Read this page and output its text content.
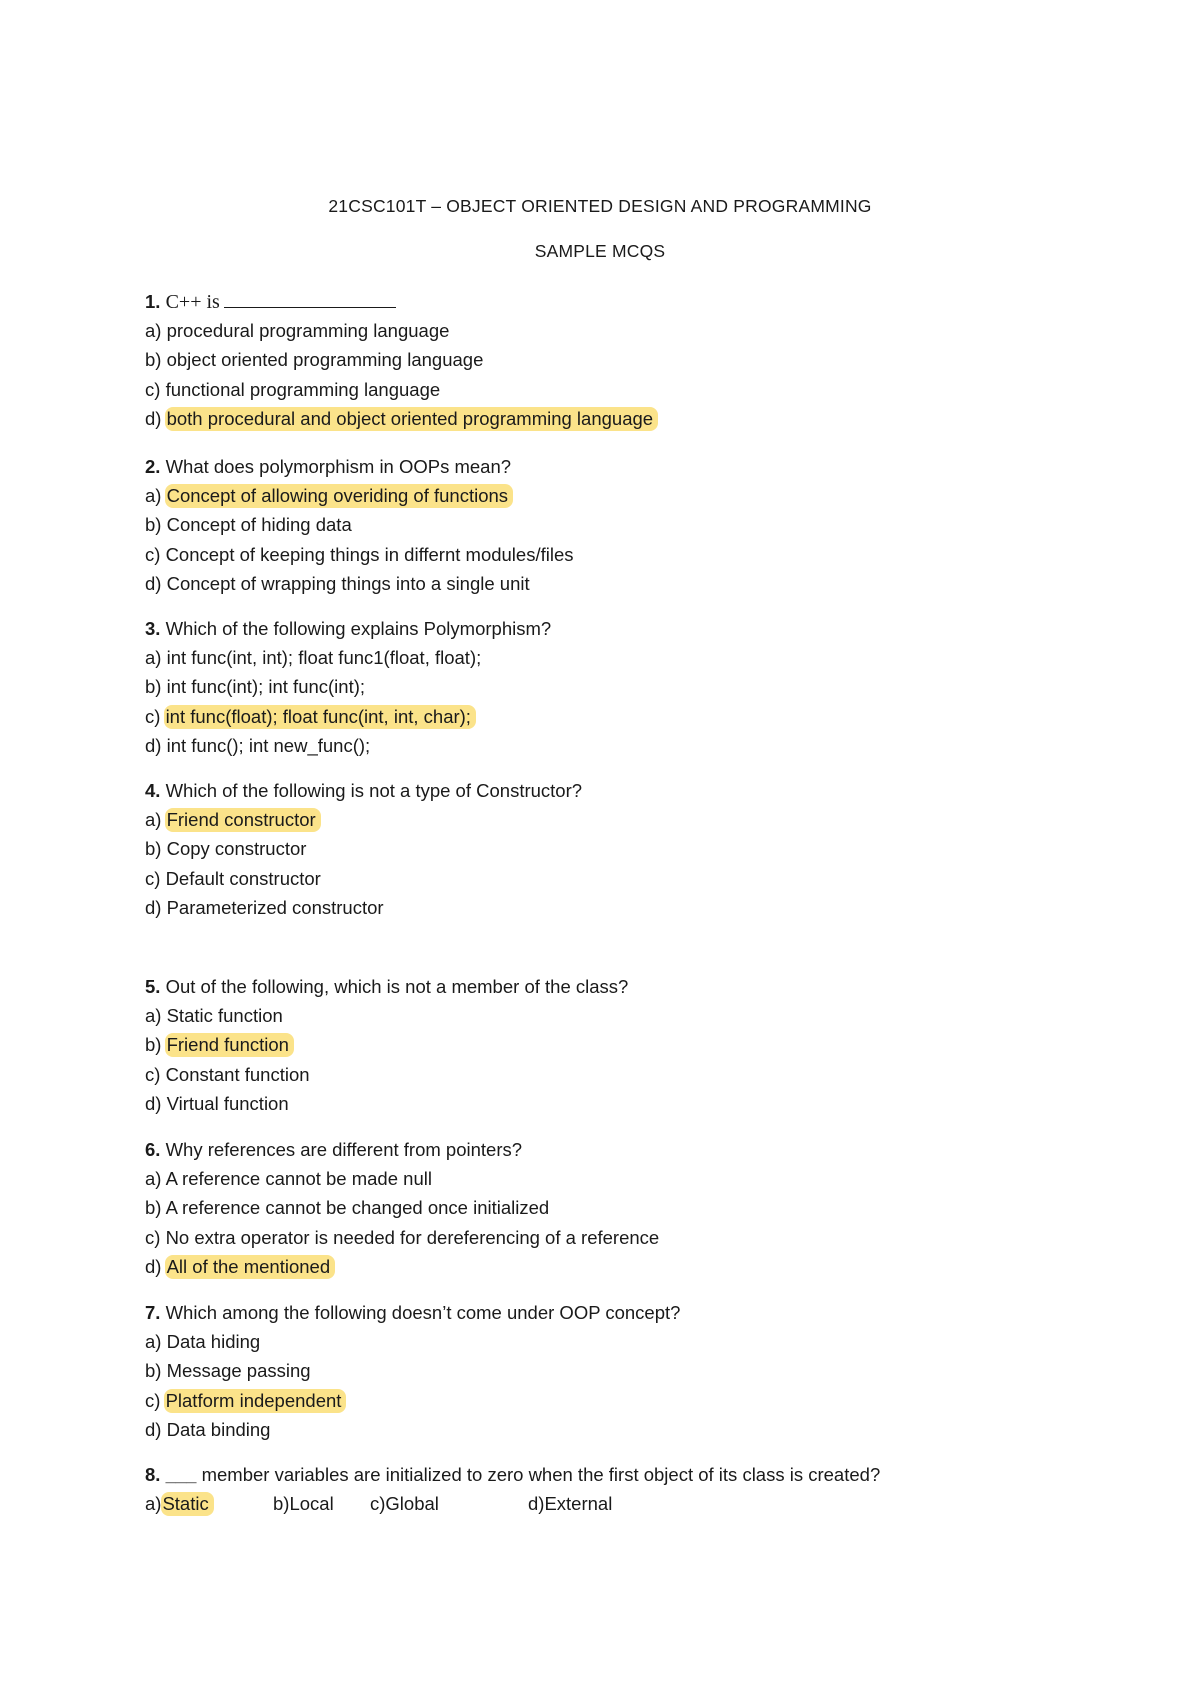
21CSC101T – OBJECT ORIENTED DESIGN AND PROGRAMMING
SAMPLE MCQS
1. C++ is
a) procedural programming language
b) object oriented programming language
c) functional programming language
d) both procedural and object oriented programming language
2. What does polymorphism in OOPs mean?
a) Concept of allowing overiding of functions
b) Concept of hiding data
c) Concept of keeping things in differnt modules/files
d) Concept of wrapping things into a single unit
3. Which of the following explains Polymorphism?
a) int func(int, int); float func1(float, float);
b) int func(int); int func(int);
c) int func(float); float func(int, int, char);
d) int func(); int new_func();
4. Which of the following is not a type of Constructor?
a) Friend constructor
b) Copy constructor
c) Default constructor
d) Parameterized constructor
5. Out of the following, which is not a member of the class?
a) Static function
b) Friend function
c) Constant function
d) Virtual function
6. Why references are different from pointers?
a) A reference cannot be made null
b) A reference cannot be changed once initialized
c) No extra operator is needed for dereferencing of a reference
d) All of the mentioned
7. Which among the following doesn’t come under OOP concept?
a) Data hiding
b) Message passing
c) Platform independent
d) Data binding
8. ___ member variables are initialized to zero when the first object of its class is created?
a)Static	b)Local c)Global	d)External
